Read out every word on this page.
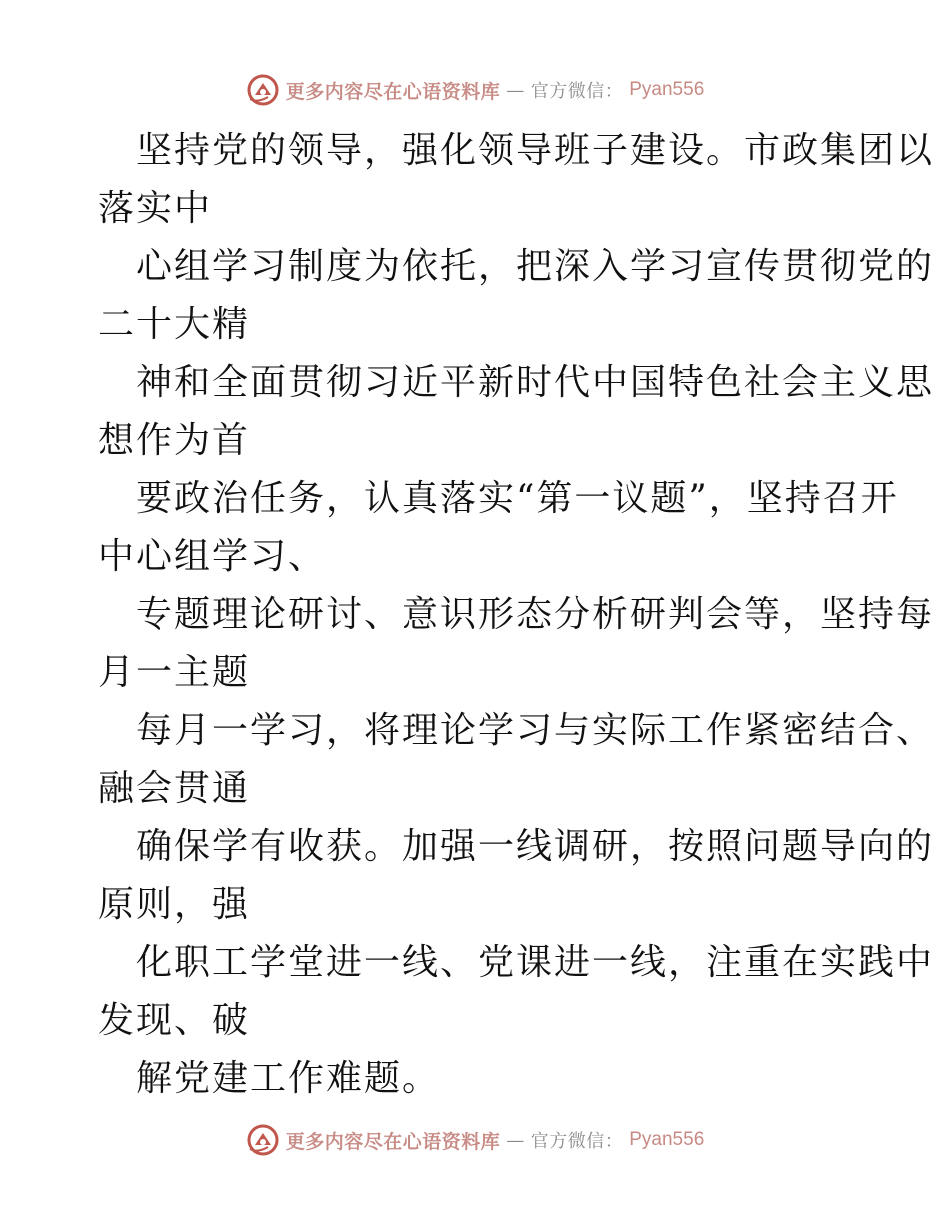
更多内容尽在心语资料库 — 官方微信： Pyan556
坚持党的领导，强化领导班子建设。市政集团以
落实中
心组学习制度为依托，把深入学习宣传贯彻党的
二十大精
神和全面贯彻习近平新时代中国特色社会主义思
想作为首
要政治任务，认真落实“第一议题”，坚持召开
中心组学习、
专题理论研讨、意识形态分析研判会等，坚持每
月一主题
每月一学习，将理论学习与实际工作紧密结合、
融会贯通
确保学有收获。加强一线调研，按照问题导向的
原则，强
化职工学堂进一线、党课进一线，注重在实践中
发现、破
解党建工作难题。
更多内容尽在心语资料库 — 官方微信： Pyan556
